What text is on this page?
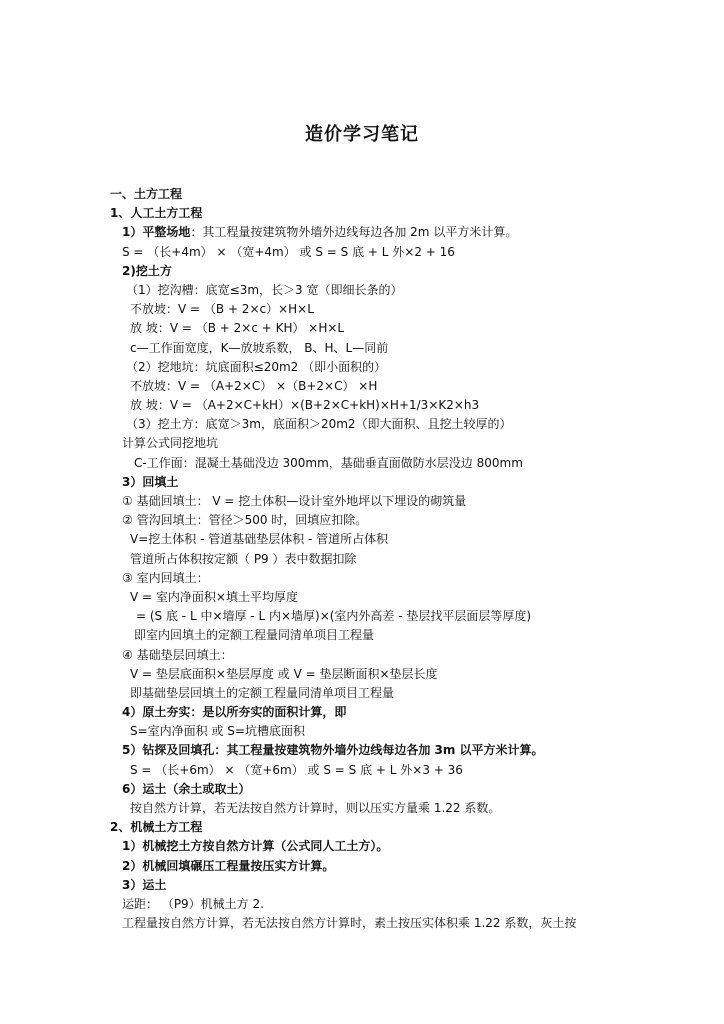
造价学习笔记
一、土方工程
1、人工土方工程
1）平整场地：其工程量按建筑物外墙外边线每边各加 2m 以平方米计算。
S = （长+4m） × （宽+4m） 或 S = S 底 + L 外×2 + 16
2)挖土方
（1）挖沟槽：底宽≤3m，长＞3 宽（即细长条的）
不放坡：V = （B + 2×c）×H×L
放 坡：V = （B + 2×c + KH） ×H×L
c—工作面宽度，K—放坡系数， B、H、L—同前
（2）挖地坑：坑底面积≤20m2 （即小面积的）
不放坡：V = （A+2×C） ×（B+2×C） ×H
放 坡：V = （A+2×C+kH）×(B+2×C+kH)×H+1/3×K2×h3
（3）挖土方：底宽＞3m，底面积＞20m2（即大面积、且挖土较厚的）
计算公式同挖地坑
C-工作面：混凝土基础没边 300mm，基础垂直面做防水层没边 800mm
3）回填土
① 基础回填土： V = 挖土体积—设计室外地坪以下埋设的砌筑量
② 管沟回填土：管径＞500 时，回填应扣除。
V=挖土体积 - 管道基础垫层体积 - 管道所占体积
管道所占体积按定额（ P9 ）表中数据扣除
③ 室内回填土：
V = 室内净面积×填土平均厚度
= (S 底 - L 中×墙厚 - L 内×墙厚)×(室内外高差 - 垫层找平层面层等厚度)
即室内回填土的定额工程量同清单项目工程量
④ 基础垫层回填土：
V = 垫层底面积×垫层厚度 或 V = 垫层断面积×垫层长度
即基础垫层回填土的定额工程量同清单项目工程量
4）原土夯实：是以所夯实的面积计算，即
S=室内净面积 或 S=坑槽底面积
5）钻探及回填孔：其工程量按建筑物外墙外边线每边各加 3m 以平方米计算。
S = （长+6m） × （宽+6m） 或 S = S 底 + L 外×3 + 36
6）运土（余土或取土）
按自然方计算，若无法按自然方计算时，则以压实方量乘 1.22 系数。
2、机械土方工程
1）机械挖土方按自然方计算（公式同人工土方）。
2）机械回填碾压工程量按压实方计算。
3）运土
运距： （P9）机械土方 2.
工程量按自然方计算，若无法按自然方计算时，素土按压实体积乘 1.22 系数，灰土按
